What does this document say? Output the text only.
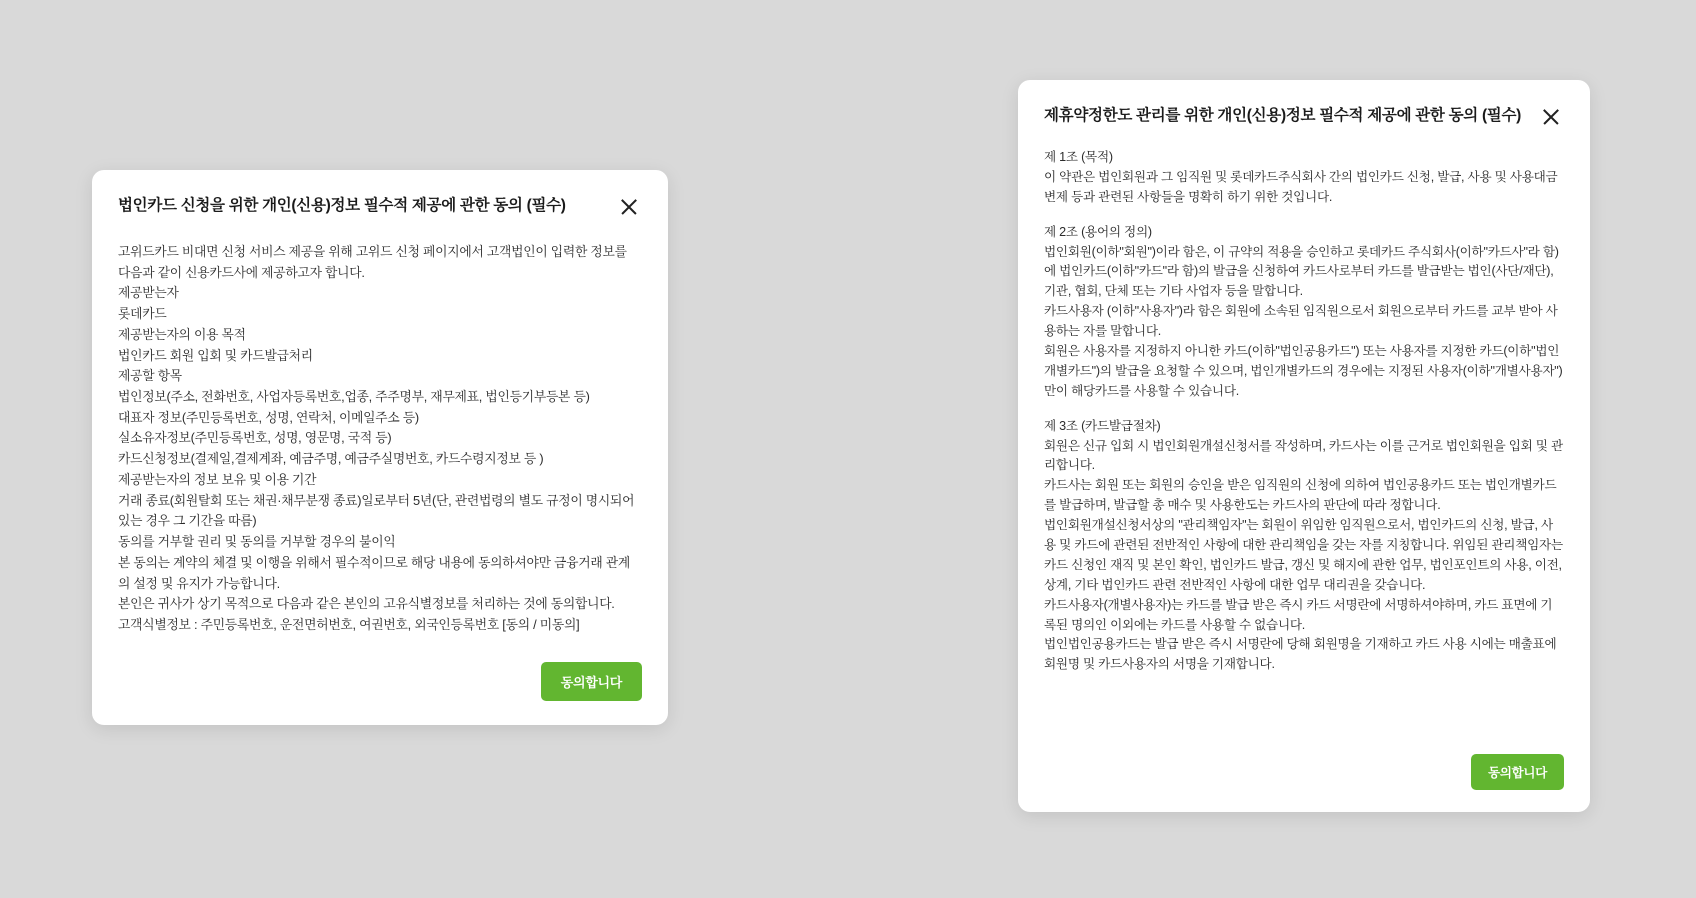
법인카드 신청을 위한 개인(신용)정보 필수적 제공에 관한 동의 (필수)

고위드카드 비대면 신청 서비스 제공을 위해 고위드 신청 페이지에서 고객법인이 입력한 정보를 다음과 같이 신용카드사에 제공하고자 합니다.

제공받는자

롯데카드

제공받는자의 이용 목적

법인카드 회원 입회 및 카드발급처리

제공할 항목

법인정보(주소, 전화번호, 사업자등록번호,업종, 주주명부, 재무제표, 법인등기부등본 등)

대표자 정보(주민등록번호, 성명, 연락처, 이메일주소 등)

실소유자정보(주민등록번호, 성명, 영문명, 국적 등)

카드신청정보(결제일,결제계좌, 예금주명, 예금주실명번호, 카드수령지정보 등 )

제공받는자의 정보 보유 및 이용 기간

거래 종료(회원탈회 또는 채권·채무분쟁 종료)일로부터 5년(단, 관련법령의 별도 규정이 명시되어있는 경우 그 기간을 따름)

동의를 거부할 권리 및 동의를 거부할 경우의 불이익

본 동의는 계약의 체결 및 이행을 위해서 필수적이므로 해당 내용에 동의하셔야만 금융거래 관계의 설정 및 유지가 가능합니다.

본인은 귀사가 상기 목적으로 다음과 같은 본인의 고유식별정보를 처리하는 것에 동의합니다.

고객식별정보 : 주민등록번호, 운전면허번호, 여권번호, 외국인등록번호 [동의 / 미동의]

동의합니다
제휴약정한도 관리를 위한 개인(신용)정보 필수적 제공에 관한 동의 (필수)

제 1조 (목적)

이 약관은 법인회원과 그 임직원 및 롯데카드주식회사 간의 법인카드 신청, 발급, 사용 및 사용대금 변제 등과 관련된 사항들을 명확히 하기 위한 것입니다.

제 2조 (용어의 정의)

법인회원(이하"회원")이라 함은, 이 규약의 적용을 승인하고 롯데카드 주식회사(이하"카드사"라 함)에 법인카드(이하"카드"라 함)의 발급을 신청하여 카드사로부터 카드를 발급받는 법인(사단/재단), 기관, 협회, 단체 또는 기타 사업자 등을 말합니다.

카드사용자 (이하"사용자")라 함은 회원에 소속된 임직원으로서 회원으로부터 카드를 교부 받아 사용하는 자를 말합니다.

회원은 사용자를 지정하지 아니한 카드(이하"법인공용카드") 또는 사용자를 지정한 카드(이하"법인 개별카드")의 발급을 요청할 수 있으며, 법인개별카드의 경우에는 지정된 사용자(이하"개별사용자") 만이 해당카드를 사용할 수 있습니다.

제 3조 (카드발급절차)

회원은 신규 입회 시 법인회원개설신청서를 작성하며, 카드사는 이를 근거로 법인회원을 입회 및 관리합니다.

카드사는 회원 또는 회원의 승인을 받은 임직원의 신청에 의하여 법인공용카드 또는 법인개별카드를 발급하며, 발급할 총 매수 및 사용한도는 카드사의 판단에 따라 정합니다.

법인회원개설신청서상의 "관리책임자"는 회원이 위임한 임직원으로서, 법인카드의 신청, 발급, 사용 및 카드에 관련된 전반적인 사항에 대한 관리책임을 갖는 자를 지칭합니다. 위임된 관리책임자는 카드 신청인 재직 및 본인 확인, 법인카드 발급, 갱신 및 해지에 관한 업무, 법인포인트의 사용, 이전, 상계, 기타 법인카드 관련 전반적인 사항에 대한 업무 대리권을 갖습니다.

카드사용자(개별사용자)는 카드를 발급 받은 즉시 카드 서명란에 서명하셔야하며, 카드 표면에 기록된 명의인 이외에는 카드를 사용할 수 없습니다.

법인법인공용카드는 발급 받은 즉시 서명란에 당해 회원명을 기재하고 카드 사용 시에는 매출표에 회원명 및 카드사용자의 서명을 기재합니다.

동의합니다
